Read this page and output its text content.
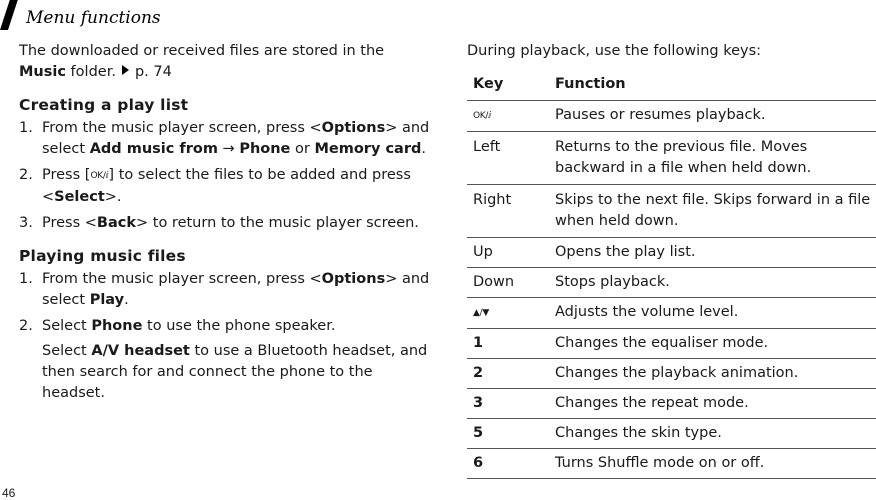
Menu functions

The downloaded or received files are stored in the Music folder. p. 74

Creating a play list
1. From the music player screen, press <Options> and select Add music from → Phone or Memory card.
2. Press [OK/ⅈ] to select the files to be added and press <Select>.
3. Press <Back> to return to the music player screen.
Playing music files
1. From the music player screen, press <Options> and select Play.
2. Select Phone to use the phone speaker.
Select A/V headset to use a Bluetooth headset, and then search for and connect the phone to the headset.

During playback, use the following keys:

Key	Function
OK/ⅈ	Pauses or resumes playback.
Left	Returns to the previous file. Moves backward in a file when held down.
Right	Skips to the next file. Skips forward in a file when held down.
Up	Opens the play list.
Down	Stops playback.
▲/▼	Adjusts the volume level.
1	Changes the equaliser mode.
2	Changes the playback animation.
3	Changes the repeat mode.
5	Changes the skin type.
6	Turns Shuffle mode on or off.
46
